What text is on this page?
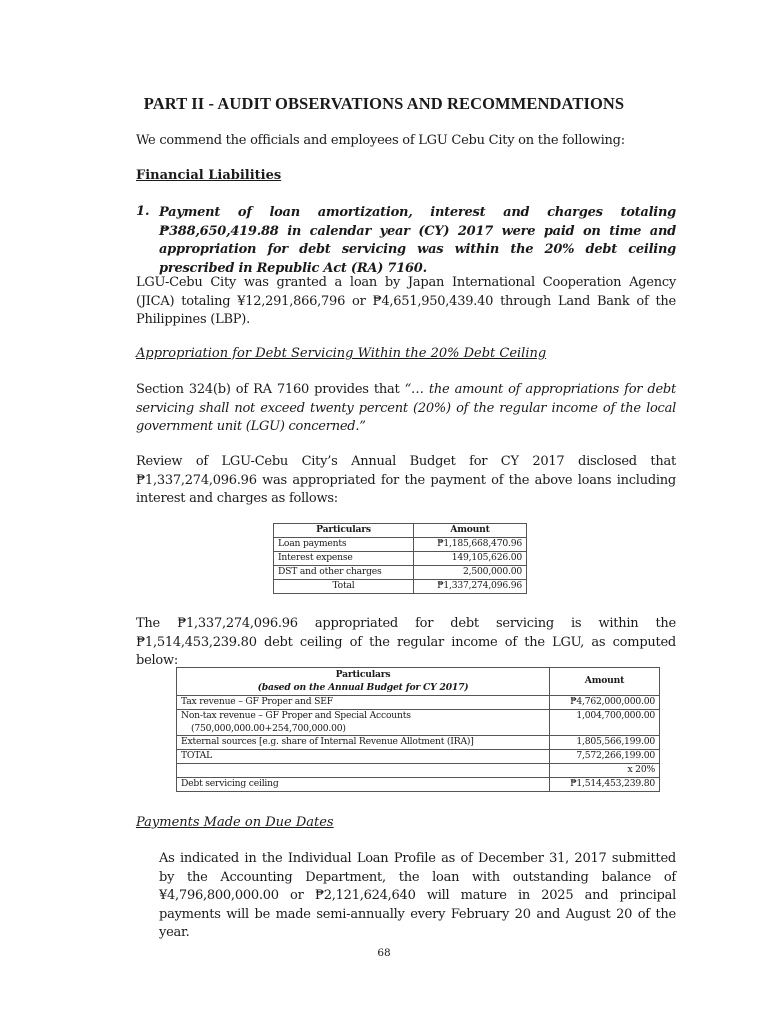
PART II - AUDIT OBSERVATIONS AND RECOMMENDATIONS
We commend the officials and employees of LGU Cebu City on the following:
Financial Liabilities
1. Payment of loan amortization, interest and charges totaling ₱388,650,419.88 in calendar year (CY) 2017 were paid on time and appropriation for debt servicing was within the 20% debt ceiling prescribed in Republic Act (RA) 7160.
LGU-Cebu City was granted a loan by Japan International Cooperation Agency (JICA) totaling ¥12,291,866,796 or ₱4,651,950,439.40 through Land Bank of the Philippines (LBP).
Appropriation for Debt Servicing Within the 20% Debt Ceiling
Section 324(b) of RA 7160 provides that “… the amount of appropriations for debt servicing shall not exceed twenty percent (20%) of the regular income of the local government unit (LGU) concerned.”
Review of LGU-Cebu City’s Annual Budget for CY 2017 disclosed that ₱1,337,274,096.96 was appropriated for the payment of the above loans including interest and charges as follows:
Particulars	Amount
Loan payments	₱1,185,668,470.96
Interest expense	149,105,626.00
DST and other charges	2,500,000.00
Total	₱1,337,274,096.96
The ₱1,337,274,096.96 appropriated for debt servicing is within the ₱1,514,453,239.80 debt ceiling of the regular income of the LGU, as computed below:
Particulars
(based on the Annual Budget for CY 2017)	Amount
Tax revenue – GF Proper and SEF	₱4,762,000,000.00

Non-tax revenue – GF Proper and Special Accounts
(750,000,000.00+254,700,000.00)	1,004,700,000.00
External sources [e.g. share of Internal Revenue Allotment (IRA)]	1,805,566,199.00
TOTAL	7,572,266,199.00
	x 20%
Debt servicing ceiling	₱1,514,453,239.80
Payments Made on Due Dates
As indicated in the Individual Loan Profile as of December 31, 2017 submitted by the Accounting Department, the loan with outstanding balance of ¥4,796,800,000.00 or ₱2,121,624,640 will mature in 2025 and principal payments will be made semi-annually every February 20 and August 20 of the year.
68
